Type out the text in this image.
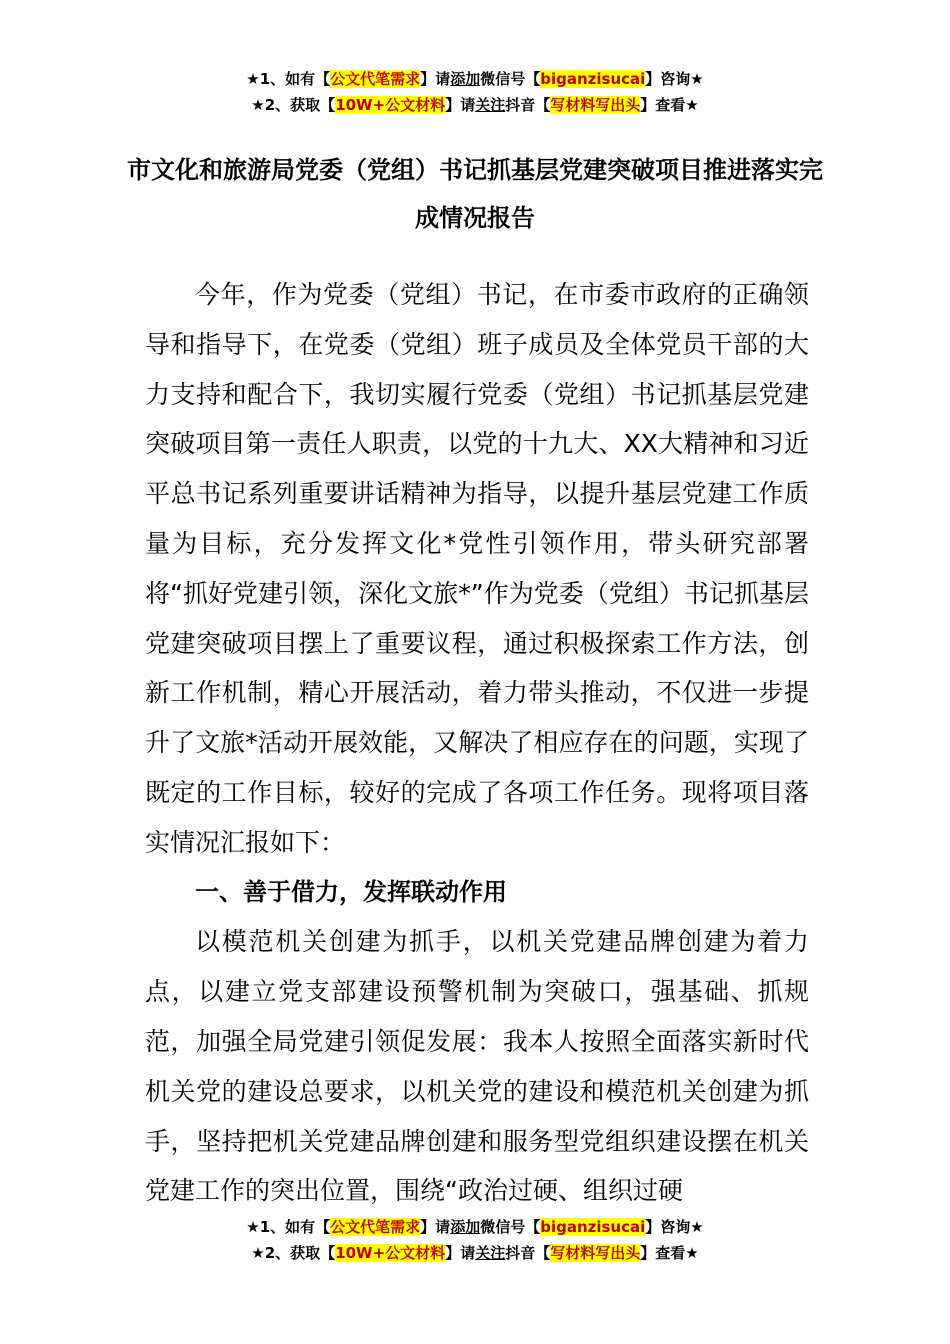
★1、如有【公文代笔需求】请添加微信号【biganzisucai】咨询★
★2、获取【10W+公文材料】请关注抖音【写材料写出头】查看★
市文化和旅游局党委（党组）书记抓基层党建突破项目推进落实完成情况报告

今年，作为党委（党组）书记，在市委市政府的正确领导和指导下，在党委（党组）班子成员及全体党员干部的大力支持和配合下，我切实履行党委（党组）书记抓基层党建突破项目第一责任人职责，以党的十九大、XX大精神和习近平总书记系列重要讲话精神为指导，以提升基层党建工作质量为目标，充分发挥文化*党性引领作用，带头研究部署将“抓好党建引领，深化文旅*”作为党委（党组）书记抓基层党建突破项目摆上了重要议程，通过积极探索工作方法，创新工作机制，精心开展活动，着力带头推动，不仅进一步提升了文旅*活动开展效能，又解决了相应存在的问题，实现了既定的工作目标，较好的完成了各项工作任务。现将项目落实情况汇报如下：

一、善于借力，发挥联动作用

以模范机关创建为抓手，以机关党建品牌创建为着力点，以建立党支部建设预警机制为突破口，强基础、抓规范，加强全局党建引领促发展：我本人按照全面落实新时代机关党的建设总要求，以机关党的建设和模范机关创建为抓手，坚持把机关党建品牌创建和服务型党组织建设摆在机关党建工作的突出位置，围绕“政治过硬、组织过硬

★1、如有【公文代笔需求】请添加微信号【biganzisucai】咨询★
★2、获取【10W+公文材料】请关注抖音【写材料写出头】查看★
